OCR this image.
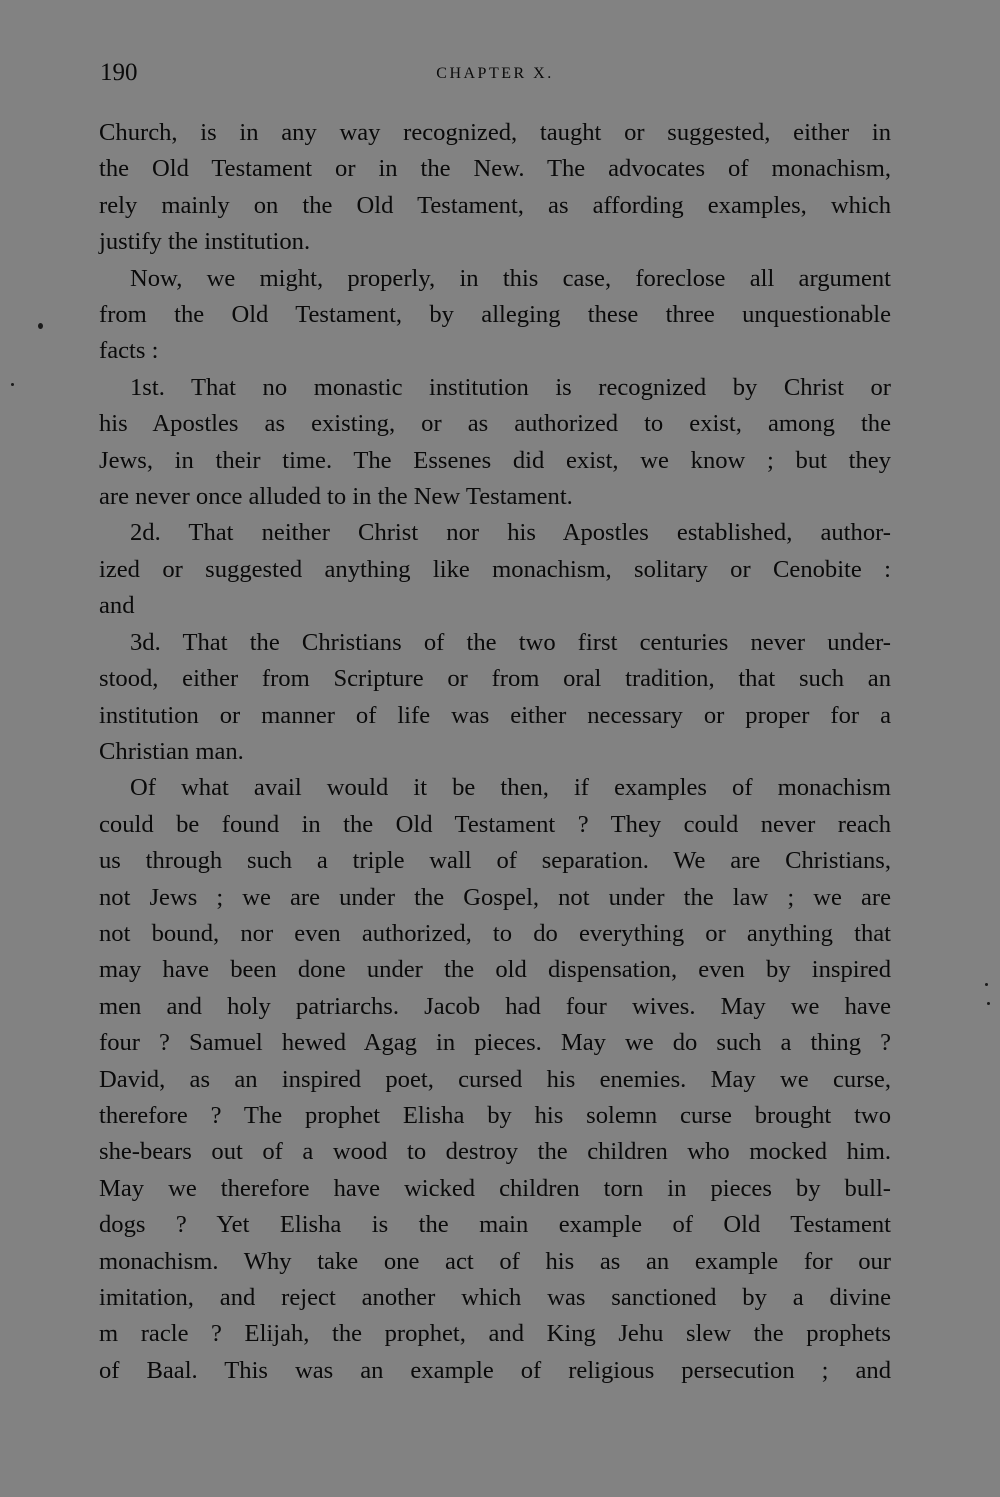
190	CHAPTER X.
Church, is in any way recognized, taught or suggested, either in
the Old Testament or in the New. The advocates of monachism,
rely mainly on the Old Testament, as affording examples, which
justify the institution.
Now, we might, properly, in this case, foreclose all argument
from the Old Testament, by alleging these three unquestionable
facts :
1st. That no monastic institution is recognized by Christ or
his Apostles as existing, or as authorized to exist, among the
Jews, in their time. The Essenes did exist, we know ; but they
are never once alluded to in the New Testament.
2d. That neither Christ nor his Apostles established, author-
ized or suggested anything like monachism, solitary or Cenobite :
and
3d. That the Christians of the two first centuries never under-
stood, either from Scripture or from oral tradition, that such an
institution or manner of life was either necessary or proper for a
Christian man.
Of what avail would it be then, if examples of monachism
could be found in the Old Testament ? They could never reach
us through such a triple wall of separation. We are Christians,
not Jews ; we are under the Gospel, not under the law ; we are
not bound, nor even authorized, to do everything or anything that
may have been done under the old dispensation, even by inspired
men and holy patriarchs. Jacob had four wives. May we have
four ? Samuel hewed Agag in pieces. May we do such a thing ?
David, as an inspired poet, cursed his enemies. May we curse,
therefore ? The prophet Elisha by his solemn curse brought two
she-bears out of a wood to destroy the children who mocked him.
May we therefore have wicked children torn in pieces by bull-
dogs ? Yet Elisha is the main example of Old Testament
monachism. Why take one act of his as an example for our
imitation, and reject another which was sanctioned by a divine
m racle ? Elijah, the prophet, and King Jehu slew the prophets
of Baal. This was an example of religious persecution ; and
